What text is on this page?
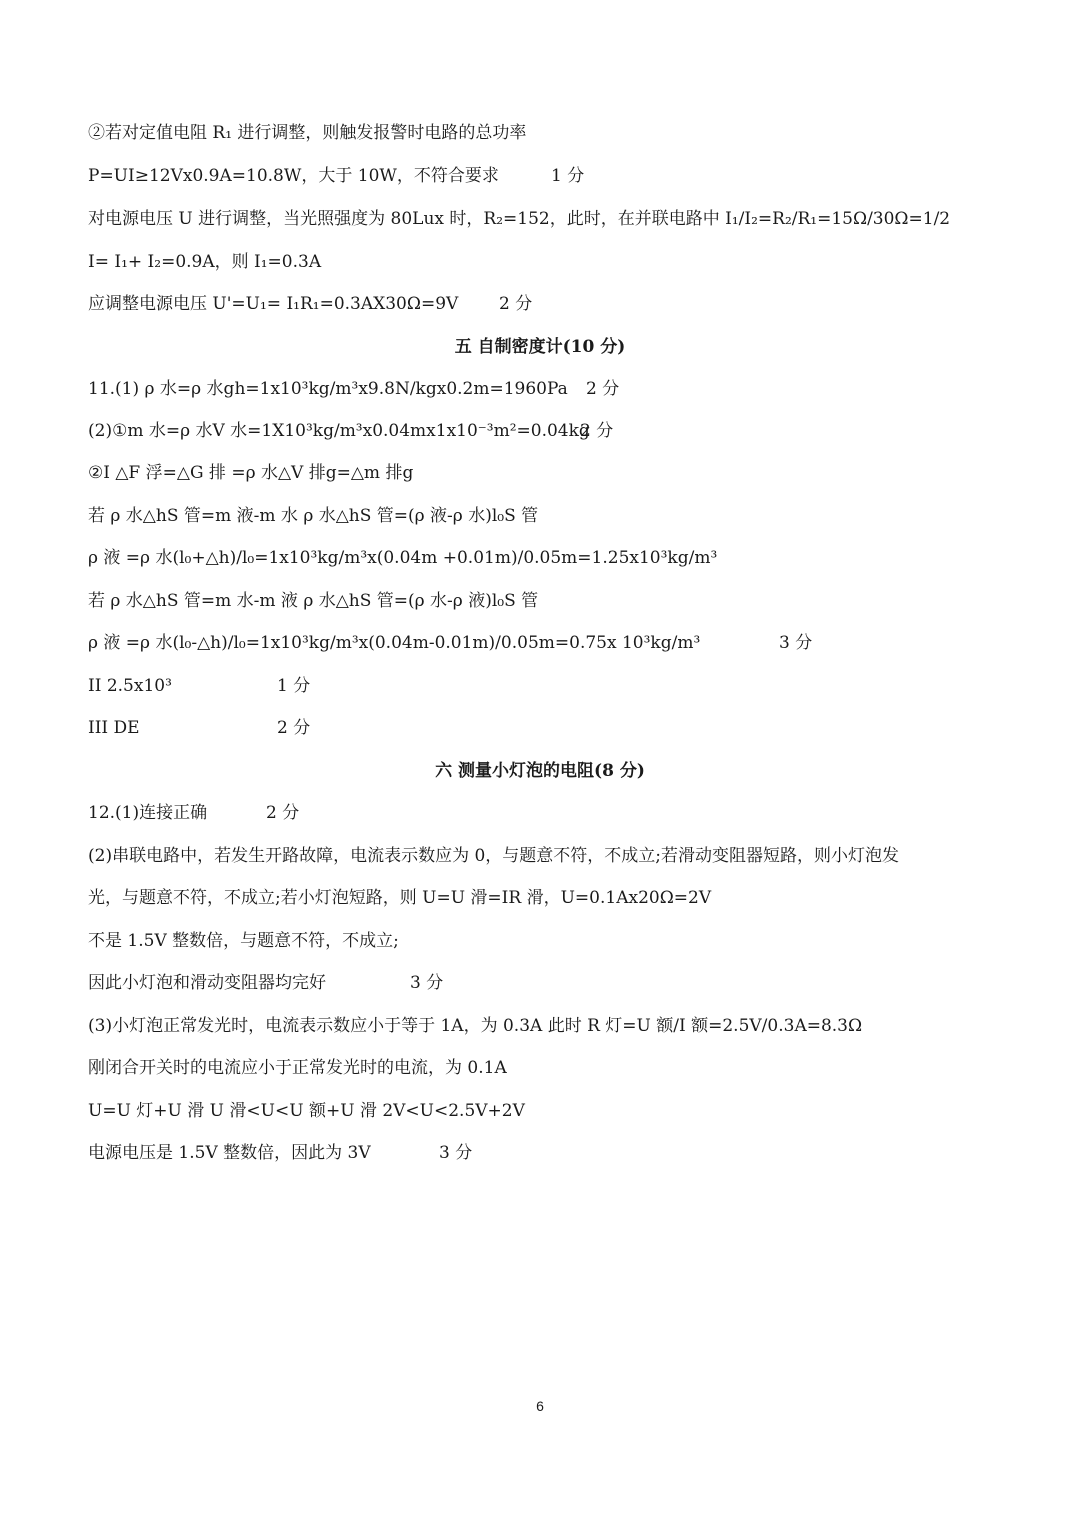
②若对定值电阻 R₁ 进行调整，则触发报警时电路的总功率
P=UI≥12Vx0.9A=10.8W，大于 10W，不符合要求	1 分
对电源电压 U 进行调整，当光照强度为 80Lux 时，R₂=152，此时，在并联电路中 I₁/I₂=R₂/R₁=15Ω/30Ω=1/2
I= I₁+ I₂=0.9A，则 I₁=0.3A
应调整电源电压 U'=U₁= I₁R₁=0.3AX30Ω=9V 2 分
五 自制密度计(10 分)
11.(1) ρ 水=ρ 水gh=1x10³kg/m³x9.8N/kgx0.2m=1960Pa 2 分
(2)①m 水=ρ 水V 水=1X10³kg/m³x0.04mx1x10⁻³m²=0.04kg
2 分
②I △F 浮=△G 排 =ρ 水△V 排g=△m 排g
若 ρ 水△hS 管=m 液-m 水 ρ 水△hS 管=(ρ 液-ρ 水)l₀S 管
ρ 液 =ρ 水(l₀+△h)/l₀=1x10³kg/m³x(0.04m +0.01m)/0.05m=1.25x10³kg/m³
若 ρ 水△hS 管=m 水-m 液 ρ 水△hS 管=(ρ 水-ρ 液)l₀S 管
ρ 液 =ρ 水(l₀-△h)/l₀=1x10³kg/m³x(0.04m-0.01m)/0.05m=0.75x 10³kg/m³	3 分
II 2.5x10³	1 分
III DE	2 分
六 测量小灯泡的电阻(8 分)
12.(1)连接正确	2 分
(2)串联电路中，若发生开路故障，电流表示数应为 0，与题意不符，不成立;若滑动变阻器短路，则小灯泡发
光，与题意不符，不成立;若小灯泡短路，则 U=U 滑=IR 滑，U=0.1Ax20Ω=2V
不是 1.5V 整数倍，与题意不符，不成立;
因此小灯泡和滑动变阻器均完好	3 分
(3)小灯泡正常发光时，电流表示数应小于等于 1A，为 0.3A 此时 R 灯=U 额/I 额=2.5V/0.3A=8.3Ω
刚闭合开关时的电流应小于正常发光时的电流，为 0.1A
U=U 灯+U 滑 U 滑<U<U 额+U 滑 2V<U<2.5V+2V
电源电压是 1.5V 整数倍，因此为 3V	3 分
6
